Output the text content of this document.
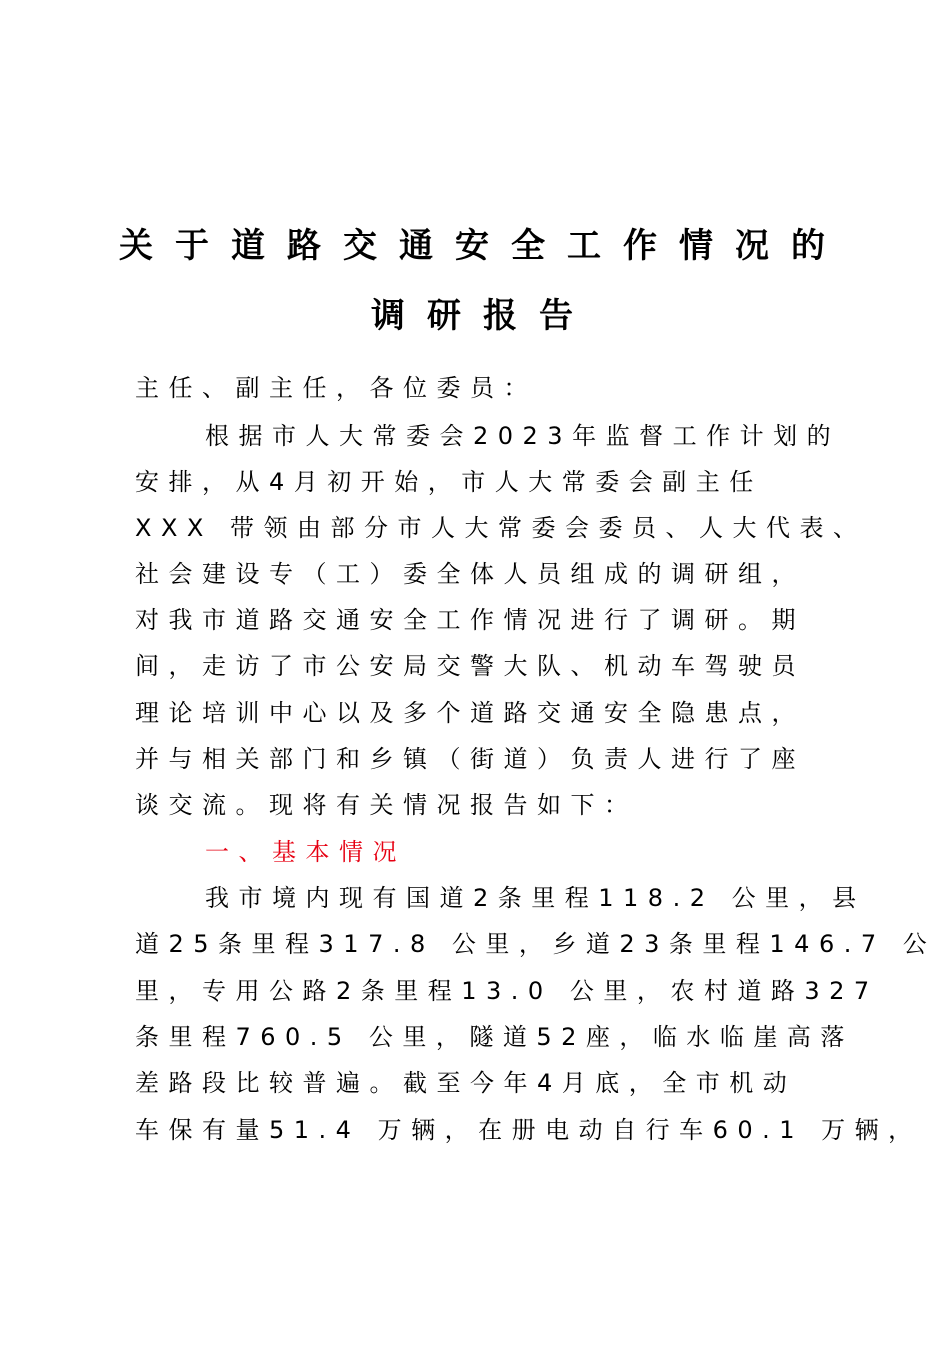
关于道路交通安全工作情况的
调研报告
主任、副主任，各位委员：
根据市人大常委会2023年监督工作计划的
安排，从4月初开始，市人大常委会副主任
XXX 带领由部分市人大常委会委员、人大代表、
社会建设专（工）委全体人员组成的调研组，
对我市道路交通安全工作情况进行了调研。期
间，走访了市公安局交警大队、机动车驾驶员
理论培训中心以及多个道路交通安全隐患点，
并与相关部门和乡镇（街道）负责人进行了座
谈交流。现将有关情况报告如下：
一、基本情况
我市境内现有国道2条里程118.2 公里，县
道25条里程317.8 公里，乡道23条里程146.7 公
里，专用公路2条里程13.0 公里，农村道路327
条里程760.5 公里，隧道52座，临水临崖高落
差路段比较普遍。截至今年4月底，全市机动
车保有量51.4 万辆，在册电动自行车60.1 万辆，
